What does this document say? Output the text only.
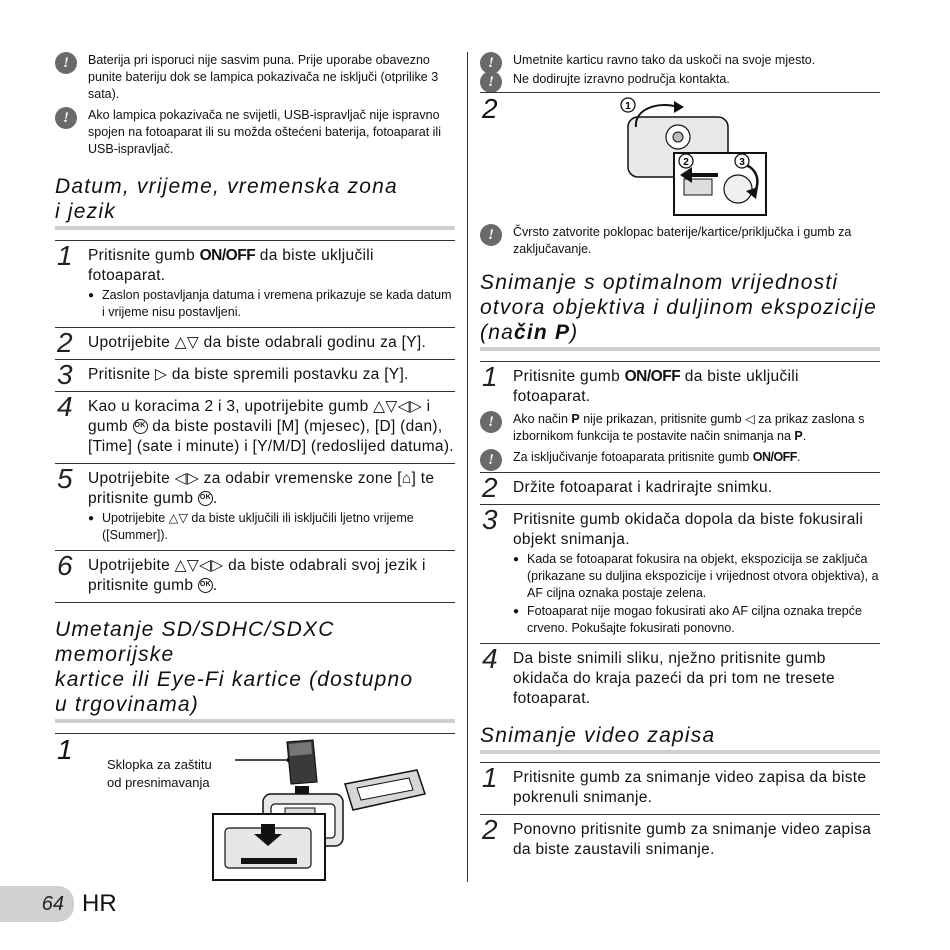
!	Baterija pri isporuci nije sasvim puna. Prije uporabe obavezno punite bateriju dok se lampica pokazivača ne isključi (otprilike 3 sata).
!	Ako lampica pokazivača ne svijetli, USB-ispravljač nije ispravno spojen na fotoaparat ili su možda oštećeni baterija, fotoaparat ili USB-ispravljač.
Datum, vrijeme, vremenska zona
i jezik
1 Pritisnite gumb ON/OFF da biste uključili fotoaparat.
● Zaslon postavljanja datuma i vremena prikazuje se kada datum i vrijeme nisu postavljeni.
2 Upotrijebite △▽ da biste odabrali godinu za [Y].
3 Pritisnite ▷ da biste spremili postavku za [Y].
4 Kao u koracima 2 i 3, upotrijebite gumb △▽◁▷ i gumb OK da biste postavili [M] (mjesec), [D] (dan), [Time] (sate i minute) i [Y/M/D] (redoslijed datuma).
5 Upotrijebite ◁▷ za odabir vremenske zone [⌂] te pritisnite gumb OK .
● Upotrijebite △▽ da biste uključili ili isključili ljetno vrijeme ([Summer]).
6 Upotrijebite △▽◁▷ da biste odabrali svoj jezik i pritisnite gumb OK .
Umetanje SD/SDHC/SDXC memorijske
kartice ili Eye-Fi kartice (dostupno
u trgovinama)
1	Sklopka za zaštitu
od presnimavanja
!	Umetnite karticu ravno tako da uskoči na svoje mjesto.
!	Ne dodirujte izravno područja kontakta.
2	1
2	3
!	Čvrsto zatvorite poklopac baterije/kartice/priključka i gumb za zaključavanje.
Snimanje s optimalnom vrijednosti
otvora objektiva i duljinom ekspozicije
(način P)
1 Pritisnite gumb ON/OFF da biste uključili fotoaparat.
!	Ako način P nije prikazan, pritisnite gumb ◁ za prikaz zaslona s izbornikom funkcija te postavite način snimanja na P.
!	Za isključivanje fotoaparata pritisnite gumb ON/OFF.
2 Držite fotoaparat i kadrirajte snimku.
3 Pritisnite gumb okidača dopola da biste fokusirali objekt snimanja.
● Kada se fotoaparat fokusira na objekt, ekspozicija se zaključa (prikazane su duljina ekspozicije i vrijednost otvora objektiva), a AF ciljna oznaka postaje zelena.
● Fotoaparat nije mogao fokusirati ako AF ciljna oznaka trepće crveno. Pokušajte fokusirati ponovno.
4 Da biste snimili sliku, nježno pritisnite gumb okidača do kraja pazeći da pri tom ne tresete fotoaparat.
Snimanje video zapisa
1 Pritisnite gumb za snimanje video zapisa da biste pokrenuli snimanje.
2 Ponovno pritisnite gumb za snimanje video zapisa da biste zaustavili snimanje.
64 HR
